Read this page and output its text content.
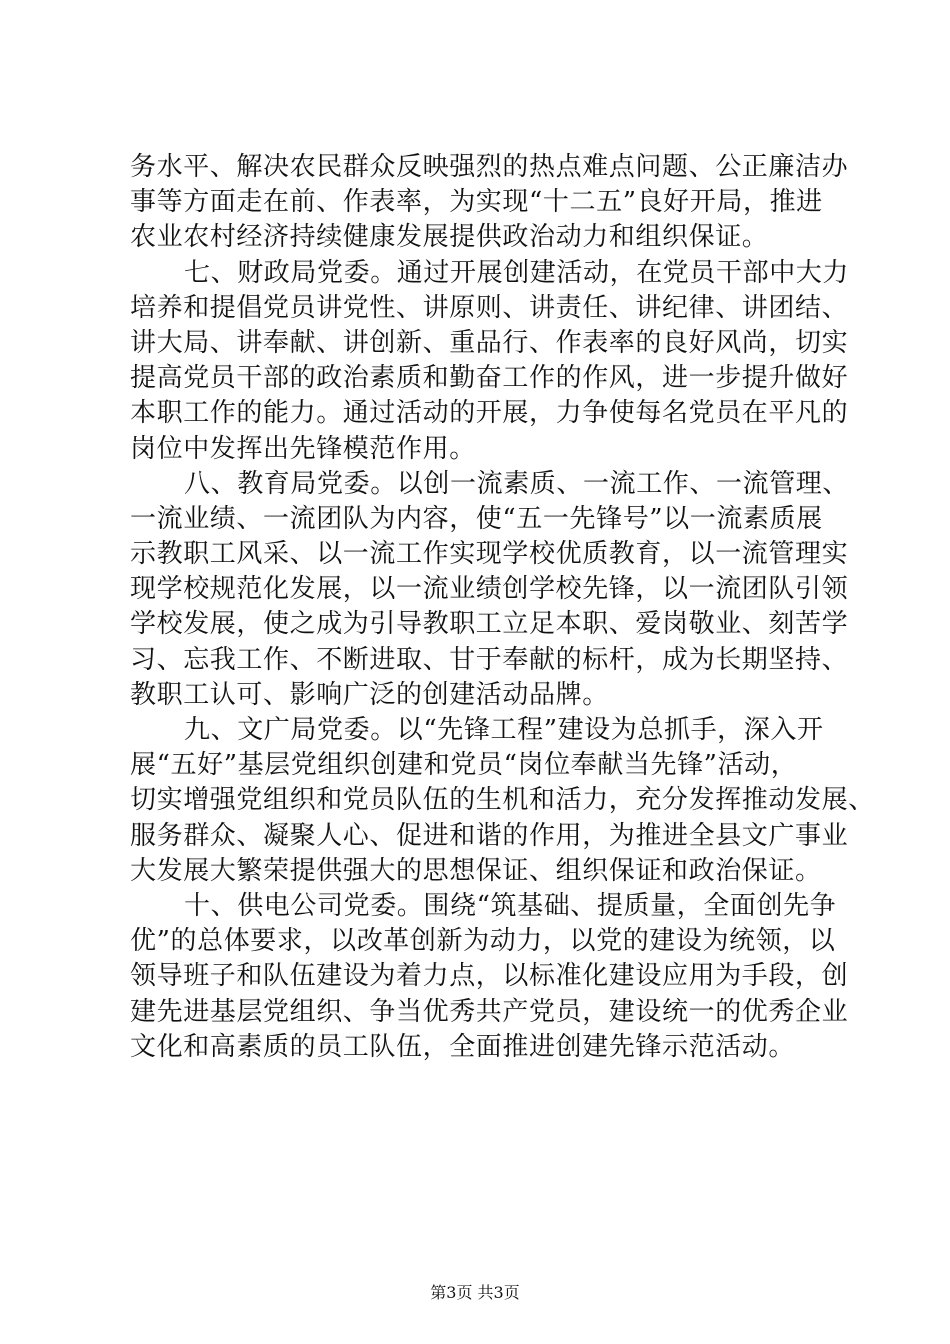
务水平、解决农民群众反映强烈的热点难点问题、公正廉洁办
事等方面走在前、作表率，为实现“十二五”良好开局，推进
农业农村经济持续健康发展提供政治动力和组织保证。
七、财政局党委。通过开展创建活动，在党员干部中大力
培养和提倡党员讲党性、讲原则、讲责任、讲纪律、讲团结、
讲大局、讲奉献、讲创新、重品行、作表率的良好风尚，切实
提高党员干部的政治素质和勤奋工作的作风，进一步提升做好
本职工作的能力。通过活动的开展，力争使每名党员在平凡的
岗位中发挥出先锋模范作用。
八、教育局党委。以创一流素质、一流工作、一流管理、
一流业绩、一流团队为内容，使“五一先锋号”以一流素质展
示教职工风采、以一流工作实现学校优质教育，以一流管理实
现学校规范化发展，以一流业绩创学校先锋，以一流团队引领
学校发展，使之成为引导教职工立足本职、爱岗敬业、刻苦学
习、忘我工作、不断进取、甘于奉献的标杆，成为长期坚持、
教职工认可、影响广泛的创建活动品牌。
九、文广局党委。以“先锋工程”建设为总抓手，深入开
展“五好”基层党组织创建和党员“岗位奉献当先锋”活动，
切实增强党组织和党员队伍的生机和活力，充分发挥推动发展、
服务群众、凝聚人心、促进和谐的作用，为推进全县文广事业
大发展大繁荣提供强大的思想保证、组织保证和政治保证。
十、供电公司党委。围绕“筑基础、提质量，全面创先争
优”的总体要求，以改革创新为动力，以党的建设为统领，以
领导班子和队伍建设为着力点，以标准化建设应用为手段，创
建先进基层党组织、争当优秀共产党员，建设统一的优秀企业
文化和高素质的员工队伍，全面推进创建先锋示范活动。
第3页 共3页
